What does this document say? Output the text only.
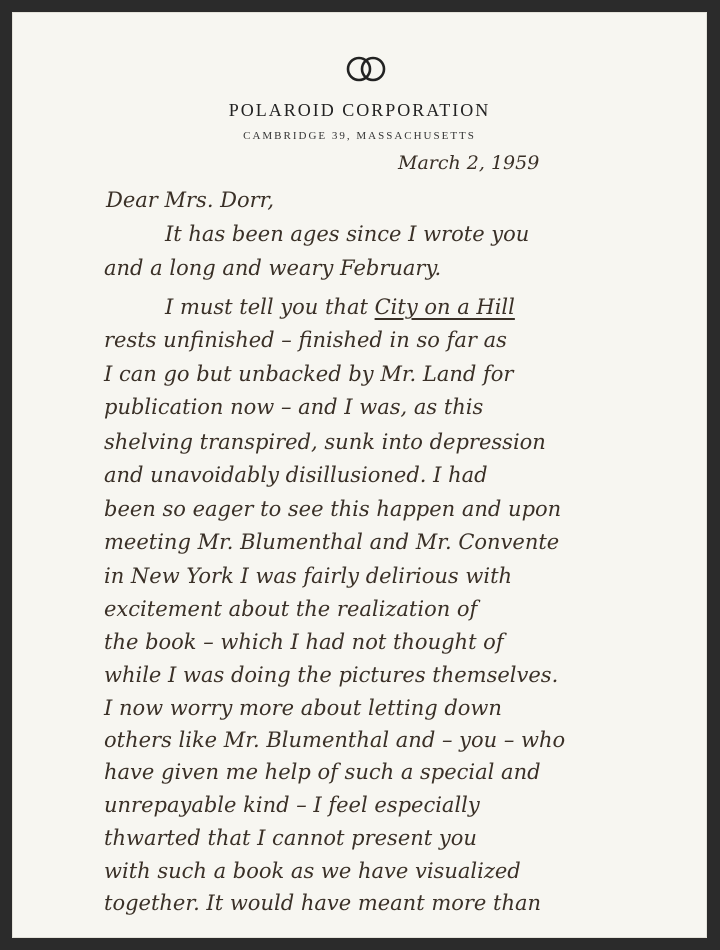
POLAROID CORPORATION
CAMBRIDGE 39, MASSACHUSETTS
March 2, 1959
Dear Mrs. Dorr,
It has been ages since I wrote you
and a long and weary February.
I must tell you that City on a Hill
rests unfinished – finished in so far as
I can go but unbacked by Mr. Land for
publication now – and I was, as this
shelving transpired, sunk into depression
and unavoidably disillusioned. I had
been so eager to see this happen and upon
meeting Mr. Blumenthal and Mr. Convente
in New York I was fairly delirious with
excitement about the realization of
the book – which I had not thought of
while I was doing the pictures themselves.
I now worry more about letting down
others like Mr. Blumenthal and – you – who
have given me help of such a special and
unrepayable kind – I feel especially
thwarted that I cannot present you
with such a book as we have visualized
together. It would have meant more than
